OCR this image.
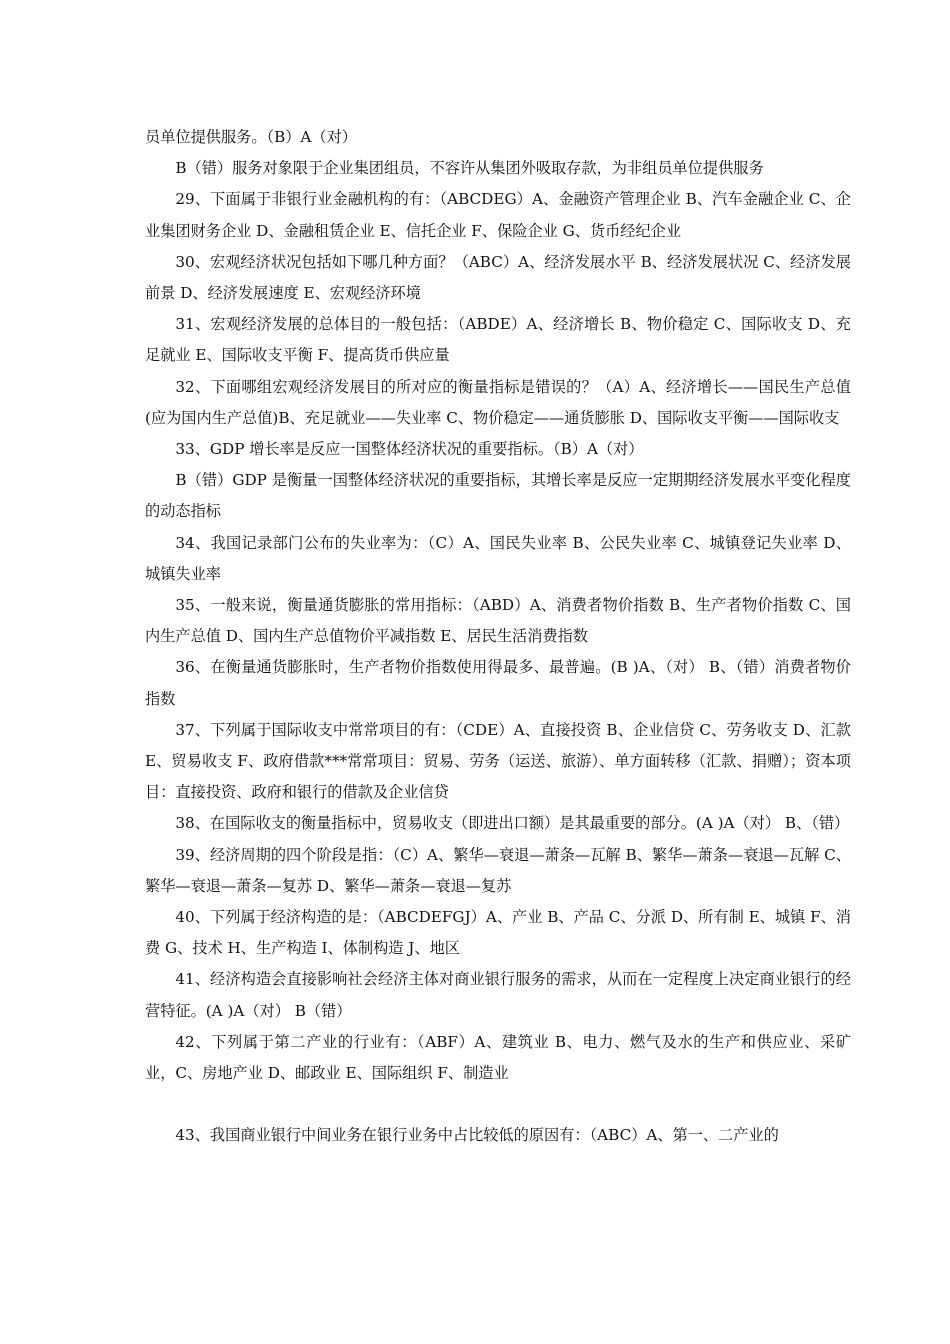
员单位提供服务。（B）A（对）

B（错）服务对象限于企业集团组员，不容许从集团外吸取存款，为非组员单位提供服务

29、下面属于非银行业金融机构的有：（ABCDEG）A、金融资产管理企业 B、汽车金融企业 C、企业集团财务企业 D、金融租赁企业 E、信托企业 F、保险企业 G、货币经纪企业

30、宏观经济状况包括如下哪几种方面？（ABC）A、经济发展水平 B、经济发展状况 C、经济发展前景 D、经济发展速度 E、宏观经济环境

31、宏观经济发展的总体目的一般包括：（ABDE）A、经济增长 B、物价稳定 C、国际收支 D、充足就业 E、国际收支平衡 F、提高货币供应量

32、下面哪组宏观经济发展目的所对应的衡量指标是错误的？（A）A、经济增长——国民生产总值(应为国内生产总值)B、充足就业——失业率 C、物价稳定——通货膨胀 D、国际收支平衡——国际收支

33、GDP 增长率是反应一国整体经济状况的重要指标。（B）A（对）

B（错）GDP 是衡量一国整体经济状况的重要指标，其增长率是反应一定期期经济发展水平变化程度的动态指标

34、我国记录部门公布的失业率为：（C）A、国民失业率 B、公民失业率 C、城镇登记失业率 D、城镇失业率

35、一般来说，衡量通货膨胀的常用指标：（ABD）A、消费者物价指数 B、生产者物价指数 C、国内生产总值 D、国内生产总值物价平减指数 E、居民生活消费指数

36、在衡量通货膨胀时，生产者物价指数使用得最多、最普遍。(B )A、（对） B、（错）消费者物价指数

37、下列属于国际收支中常常项目的有：（CDE）A、直接投资 B、企业信贷 C、劳务收支 D、汇款 E、贸易收支 F、政府借款***常常项目：贸易、劳务（运送、旅游）、单方面转移（汇款、捐赠）；资本项目：直接投资、政府和银行的借款及企业信贷

38、在国际收支的衡量指标中，贸易收支（即进出口额）是其最重要的部分。(A )A（对） B、（错）

39、经济周期的四个阶段是指：（C）A、繁华—衰退—萧条—瓦解 B、繁华—萧条—衰退—瓦解 C、繁华—衰退—萧条—复苏 D、繁华—萧条—衰退—复苏

40、下列属于经济构造的是：（ABCDEFGJ）A、产业 B、产品 C、分派 D、所有制 E、城镇 F、消费 G、技术 H、生产构造 I、体制构造 J、地区

41、经济构造会直接影响社会经济主体对商业银行服务的需求，从而在一定程度上决定商业银行的经营特征。(A )A（对） B（错）

42、下列属于第二产业的行业有：（ABF）A、建筑业 B、电力、燃气及水的生产和供应业、采矿业，C、房地产业 D、邮政业 E、国际组织 F、制造业

43、我国商业银行中间业务在银行业务中占比较低的原因有：（ABC）A、第一、二产业的
